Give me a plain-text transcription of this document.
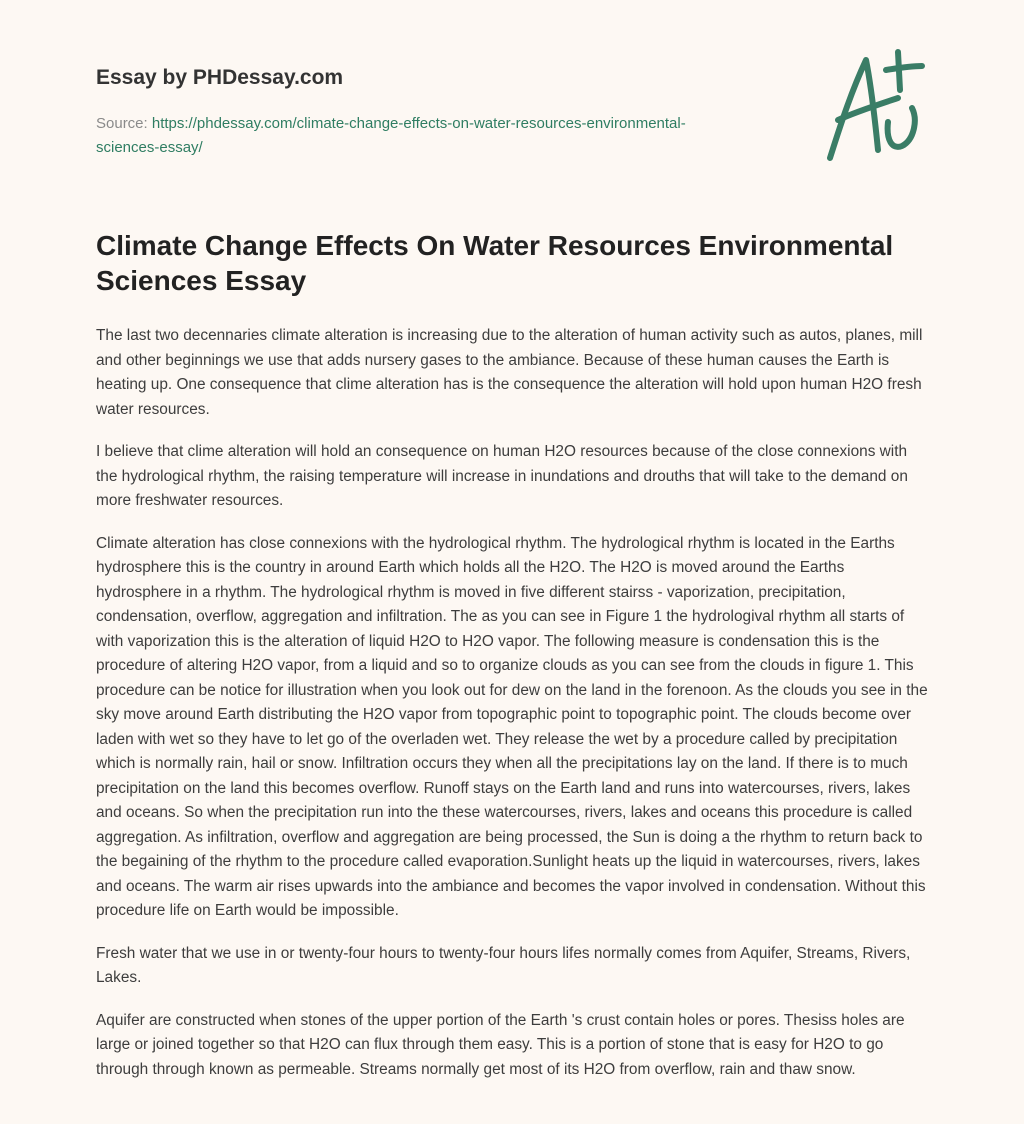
Essay by PHDessay.com
Source: https://phdessay.com/climate-change-effects-on-water-resources-environmental-sciences-essay/
Climate Change Effects On Water Resources Environmental Sciences Essay

The last two decennaries climate alteration is increasing due to the alteration of human activity such as autos, planes, mill and other beginnings we use that adds nursery gases to the ambiance. Because of these human causes the Earth is heating up. One consequence that clime alteration has is the consequence the alteration will hold upon human H2O fresh water resources.

I believe that clime alteration will hold an consequence on human H2O resources because of the close connexions with the hydrological rhythm, the raising temperature will increase in inundations and drouths that will take to the demand on more freshwater resources.

Climate alteration has close connexions with the hydrological rhythm. The hydrological rhythm is located in the Earths hydrosphere this is the country in around Earth which holds all the H2O. The H2O is moved around the Earths hydrosphere in a rhythm. The hydrological rhythm is moved in five different stairss - vaporization, precipitation, condensation, overflow, aggregation and infiltration. The as you can see in Figure 1 the hydrologival rhythm all starts of with vaporization this is the alteration of liquid H2O to H2O vapor. The following measure is condensation this is the procedure of altering H2O vapor, from a liquid and so to organize clouds as you can see from the clouds in figure 1. This procedure can be notice for illustration when you look out for dew on the land in the forenoon. As the clouds you see in the sky move around Earth distributing the H2O vapor from topographic point to topographic point. The clouds become over laden with wet so they have to let go of the overladen wet. They release the wet by a procedure called by precipitation which is normally rain, hail or snow. Infiltration occurs they when all the precipitations lay on the land. If there is to much precipitation on the land this becomes overflow. Runoff stays on the Earth land and runs into watercourses, rivers, lakes and oceans. So when the precipitation run into the these watercourses, rivers, lakes and oceans this procedure is called aggregation. As infiltration, overflow and aggregation are being processed, the Sun is doing a the rhythm to return back to the begaining of the rhythm to the procedure called evaporation.Sunlight heats up the liquid in watercourses, rivers, lakes and oceans. The warm air rises upwards into the ambiance and becomes the vapor involved in condensation. Without this procedure life on Earth would be impossible.

Fresh water that we use in or twenty-four hours to twenty-four hours lifes normally comes from Aquifer, Streams, Rivers, Lakes.

Aquifer are constructed when stones of the upper portion of the Earth 's crust contain holes or pores. Thesiss holes are large or joined together so that H2O can flux through them easy. This is a portion of stone that is easy for H2O to go through through known as permeable. Streams normally get most of its H2O from overflow, rain and thaw snow.
